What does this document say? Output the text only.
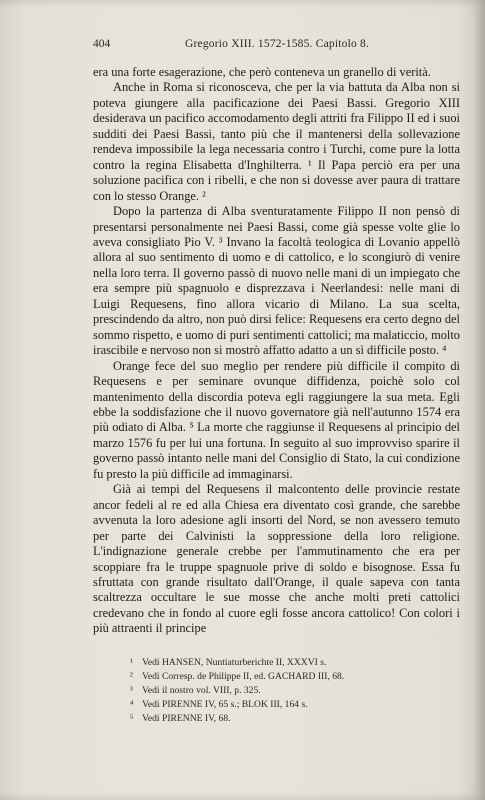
404	Gregorio XIII. 1572-1585. Capitolo 8.

era una forte esagerazione, che però conteneva un granello di verità.

Anche in Roma si riconosceva, che per la via battuta da Alba non si poteva giungere alla pacificazione dei Paesi Bassi. Gregorio XIII desiderava un pacifico accomodamento degli attriti fra Filippo II ed i suoi sudditi dei Paesi Bassi, tanto più che il mantenersi della sollevazione rendeva impossibile la lega necessaria contro i Turchi, come pure la lotta contro la regina Elisabetta d'Inghilterra. ¹ Il Papa perciò era per una soluzione pacifica con i ribelli, e che non si dovesse aver paura di trattare con lo stesso Orange. ²

Dopo la partenza di Alba sventuratamente Filippo II non pensò di presentarsi personalmente nei Paesi Bassi, come già spesse volte glie lo aveva consigliato Pio V. ³ Invano la facoltà teologica di Lovanio appellò allora al suo sentimento di uomo e di cattolico, e lo scongiurò di venire nella loro terra. Il governo passò di nuovo nelle mani di un impiegato che era sempre più spagnuolo e disprezzava i Neerlandesi: nelle mani di Luigi Requesens, fino allora vicario di Milano. La sua scelta, prescindendo da altro, non può dirsi felice: Requesens era certo degno del sommo rispetto, e uomo di puri sentimenti cattolici; ma malaticcio, molto irascibile e nervoso non si mostrò affatto adatto a un sì difficile posto. ⁴

Orange fece del suo meglio per rendere più difficile il compito di Requesens e per seminare ovunque diffidenza, poichè solo col mantenimento della discordia poteva egli raggiungere la sua meta. Egli ebbe la soddisfazione che il nuovo governatore già nell'autunno 1574 era più odiato di Alba. ⁵ La morte che raggiunse il Requesens al principio del marzo 1576 fu per lui una fortuna. In seguito al suo improvviso sparire il governo passò intanto nelle mani del Consiglio di Stato, la cui condizione fu presto la più difficile ad immaginarsi.

Già ai tempi del Requesens il malcontento delle provincie restate ancor fedeli al re ed alla Chiesa era diventato così grande, che sarebbe avvenuta la loro adesione agli insorti del Nord, se non avessero temuto per parte dei Calvinisti la soppressione della loro religione. L'indignazione generale crebbe per l'ammutinamento che era per scoppiare fra le truppe spagnuole prive di soldo e bisognose. Essa fu sfruttata con grande risultato dall'Orange, il quale sapeva con tanta scaltrezza occultare le sue mosse che anche molti preti cattolici credevano che in fondo al cuore egli fosse ancora cattolico! Con colori i più attraenti il principe

¹ Vedi HANSEN, Nuntiaturberichte II, XXXVI s.
² Vedi Corresp. de Philippe II, ed. GACHARD III, 68.
³ Vedi il nostro vol. VIII, p. 325.
⁴ Vedi PIRENNE IV, 65 s.; BLOK III, 164 s.
⁵ Vedi PIRENNE IV, 68.
